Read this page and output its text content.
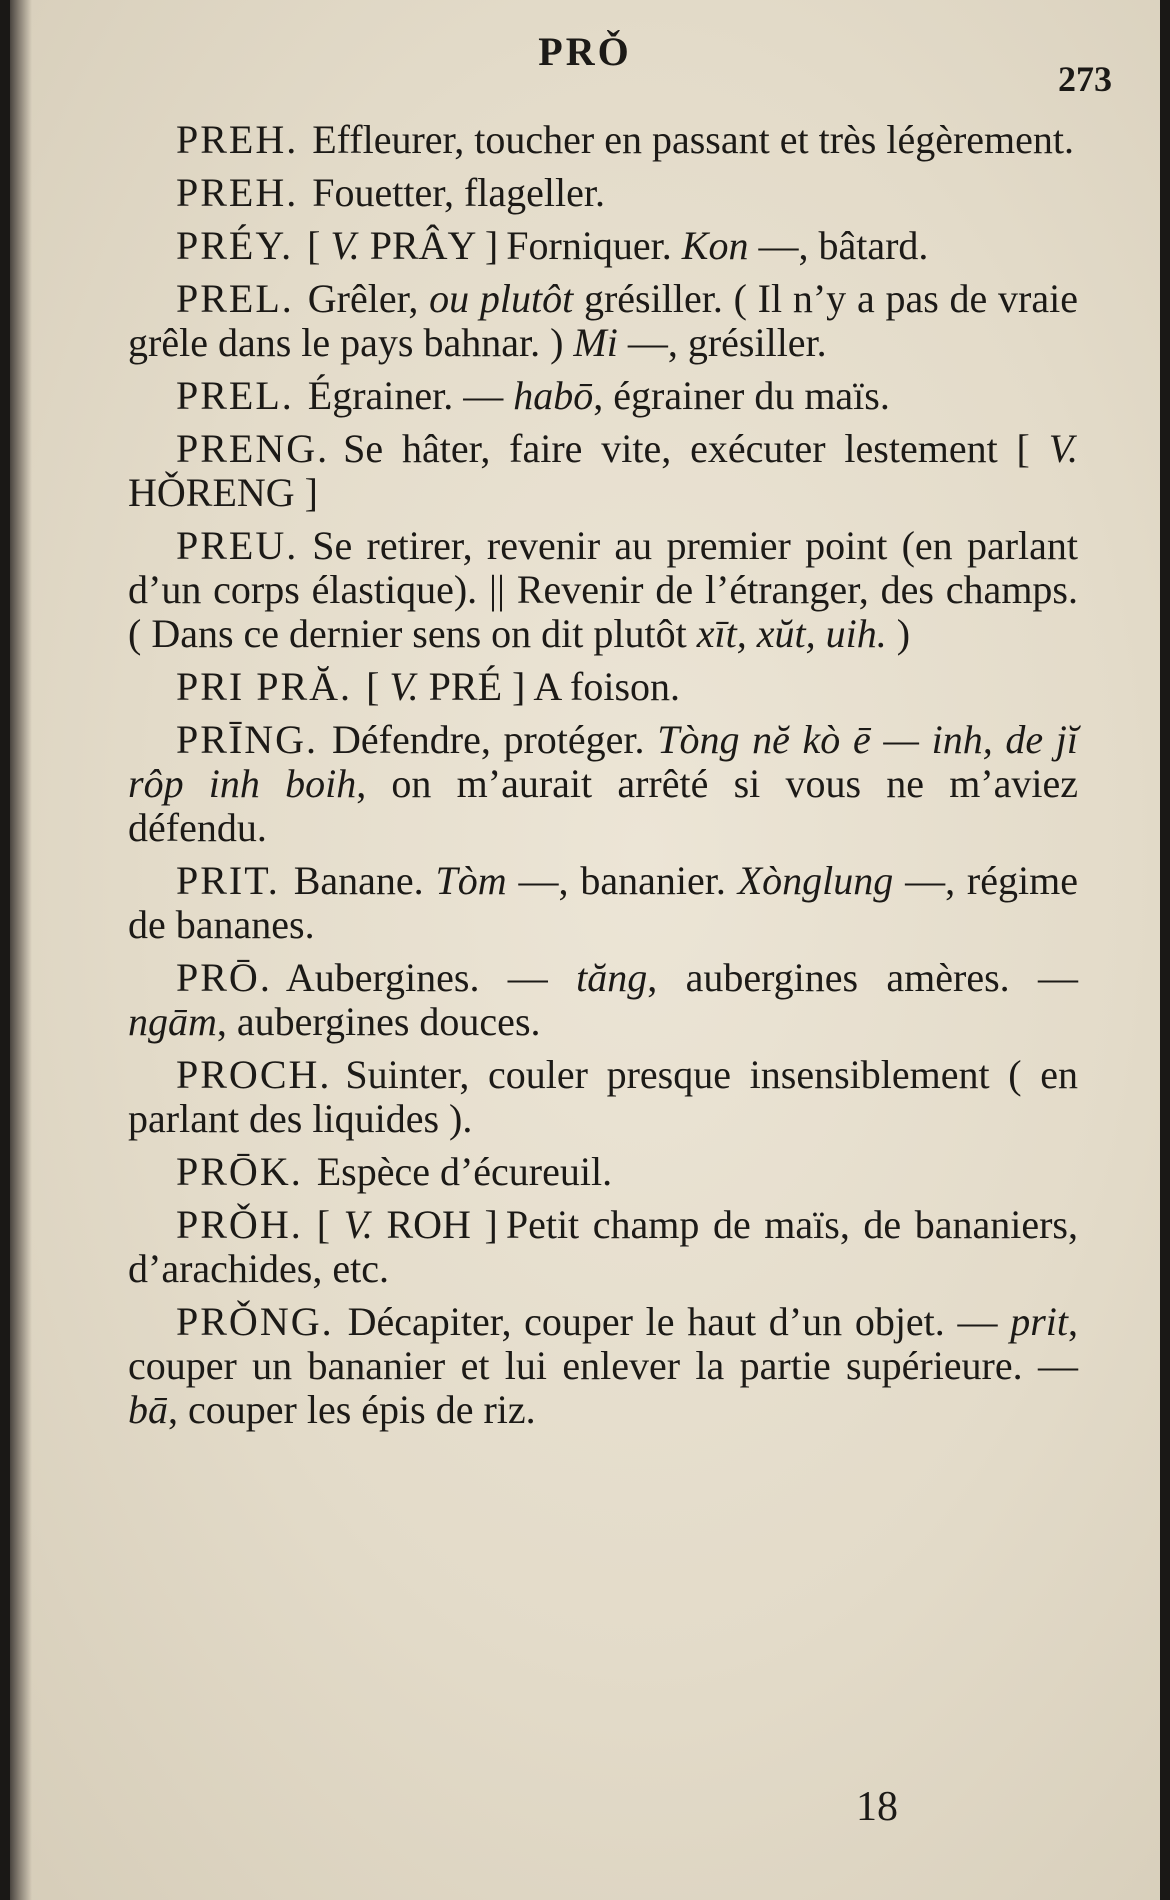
PRǑ
273

PREH. Effleurer, toucher en passant et très légèrement.

PREH. Fouetter, flageller.

PRÉY. [ V. PRÂY ] Forniquer. Kon —, bâtard.

PREL. Grêler, ou plutôt grésiller. ( Il n’y a pas de vraie grêle dans le pays bahnar. ) Mi —, grésiller.

PREL. Égrainer. — habō, égrainer du maïs.

PRENG. Se hâter, faire vite, exécuter lestement [ V. HǑRENG ]

PREU. Se retirer, revenir au premier point (en parlant d’un corps élastique). || Revenir de l’étranger, des champs. ( Dans ce dernier sens on dit plutôt xīt, xŭt, uih. )

PRI PRĂ. [ V. PRÉ ] A foison.

PRĪNG. Défendre, protéger. Tòng nĕ kò ē — inh, de jĭ rôp inh boih, on m’aurait arrêté si vous ne m’aviez défendu.

PRIT. Banane. Tòm —, bananier. Xònglung —, régime de bananes.

PRŌ. Aubergines. — tăng, aubergines amères. — ngām, aubergines douces.

PROCH. Suinter, couler presque insensiblement ( en parlant des liquides ).

PRŌK. Espèce d’écureuil.

PRǑH. [ V. ROH ] Petit champ de maïs, de bananiers, d’arachides, etc.

PRǑNG. Décapiter, couper le haut d’un objet. — prit, couper un bananier et lui enlever la partie supérieure. — bā, couper les épis de riz.

18
